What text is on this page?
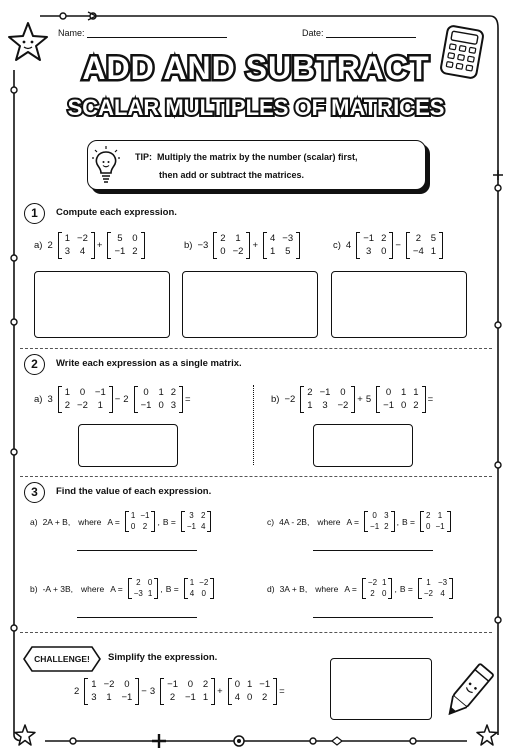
Name:	Date:
ADD AND SUBTRACT
SCALAR MULTIPLES OF MATRICES
TIP: Multiply the matrix by the number (scalar) first,
then add or subtract the matrices.
1	Compute each expression.
a) 2
1 −2
3 4
+
5 0
−1 2
b) −3
2 1
0 −2
+
4 −3
1 5
c) 4
−1 2
3 0
−
2 5
−4 1
2	Write each expression as a single matrix.
a) 3
1 0 −1
2 −2 1
− 2
0 1 2
−1 0 3
=	b) −2
2 −1 0
1 3 −2
+ 5
0 1 1
−1 0 2
=
3	Find the value of each expression.
a) 2A + B, where A =
1 −1
0 2 , B =
3 2
−1 4	c) 4A - 2B, where A =
0 3
−1 2 , B =
2 1
0 −1
b) -A + 3B, where A =
2 0
−3 1 , B =
1 −2
4 0	d) 3A + B, where A =
−2 1
2 0 , B =
1 −3
−2 4
CHALLENGE!	Simplify the expression.
2
1 −2 0
3 1 −1
− 3
−1 0 2
2 −1 1
+
0 1 −1
4 0 2
=
